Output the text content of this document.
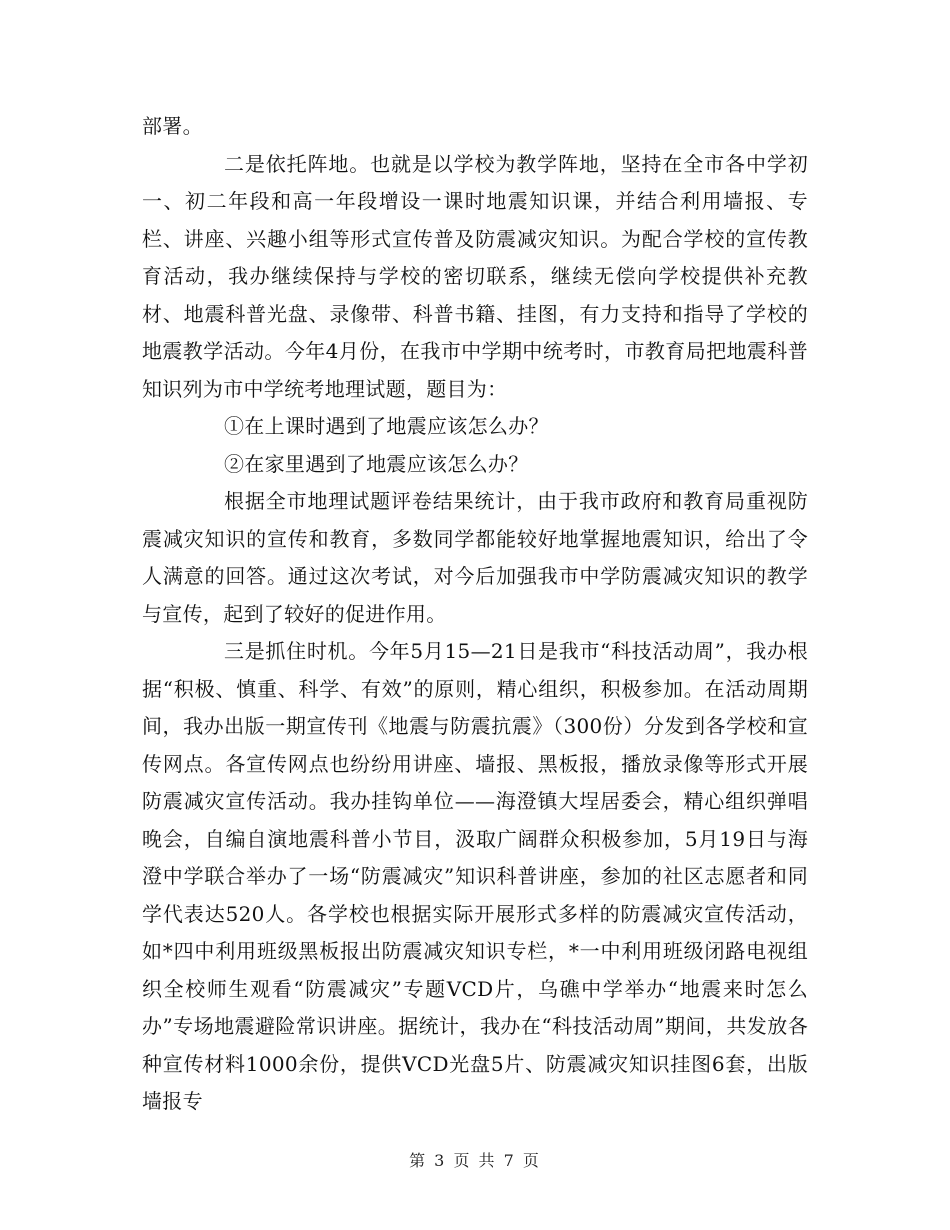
部署。

二是依托阵地。也就是以学校为教学阵地，坚持在全市各中学初一、初二年段和高一年段增设一课时地震知识课，并结合利用墙报、专栏、讲座、兴趣小组等形式宣传普及防震减灾知识。为配合学校的宣传教育活动，我办继续保持与学校的密切联系，继续无偿向学校提供补充教材、地震科普光盘、录像带、科普书籍、挂图，有力支持和指导了学校的地震教学活动。今年4月份，在我市中学期中统考时，市教育局把地震科普知识列为市中学统考地理试题，题目为：

①在上课时遇到了地震应该怎么办？

②在家里遇到了地震应该怎么办？

根据全市地理试题评卷结果统计，由于我市政府和教育局重视防震减灾知识的宣传和教育，多数同学都能较好地掌握地震知识，给出了令人满意的回答。通过这次考试，对今后加强我市中学防震减灾知识的教学与宣传，起到了较好的促进作用。

三是抓住时机。今年5月15—21日是我市“科技活动周”，我办根据“积极、慎重、科学、有效”的原则，精心组织，积极参加。在活动周期间，我办出版一期宣传刊《地震与防震抗震》（300份）分发到各学校和宣传网点。各宣传网点也纷纷用讲座、墙报、黑板报，播放录像等形式开展防震减灾宣传活动。我办挂钩单位——海澄镇大埕居委会，精心组织弹唱晚会，自编自演地震科普小节目，汲取广阔群众积极参加，5月19日与海澄中学联合举办了一场“防震减灾”知识科普讲座，参加的社区志愿者和同学代表达520人。各学校也根据实际开展形式多样的防震减灾宣传活动，如*四中利用班级黑板报出防震减灾知识专栏，*一中利用班级闭路电视组织全校师生观看“防震减灾”专题VCD片，乌礁中学举办“地震来时怎么办”专场地震避险常识讲座。据统计，我办在“科技活动周”期间，共发放各种宣传材料1000余份，提供VCD光盘5片、防震减灾知识挂图6套，出版墙报专

第 3 页 共 7 页
